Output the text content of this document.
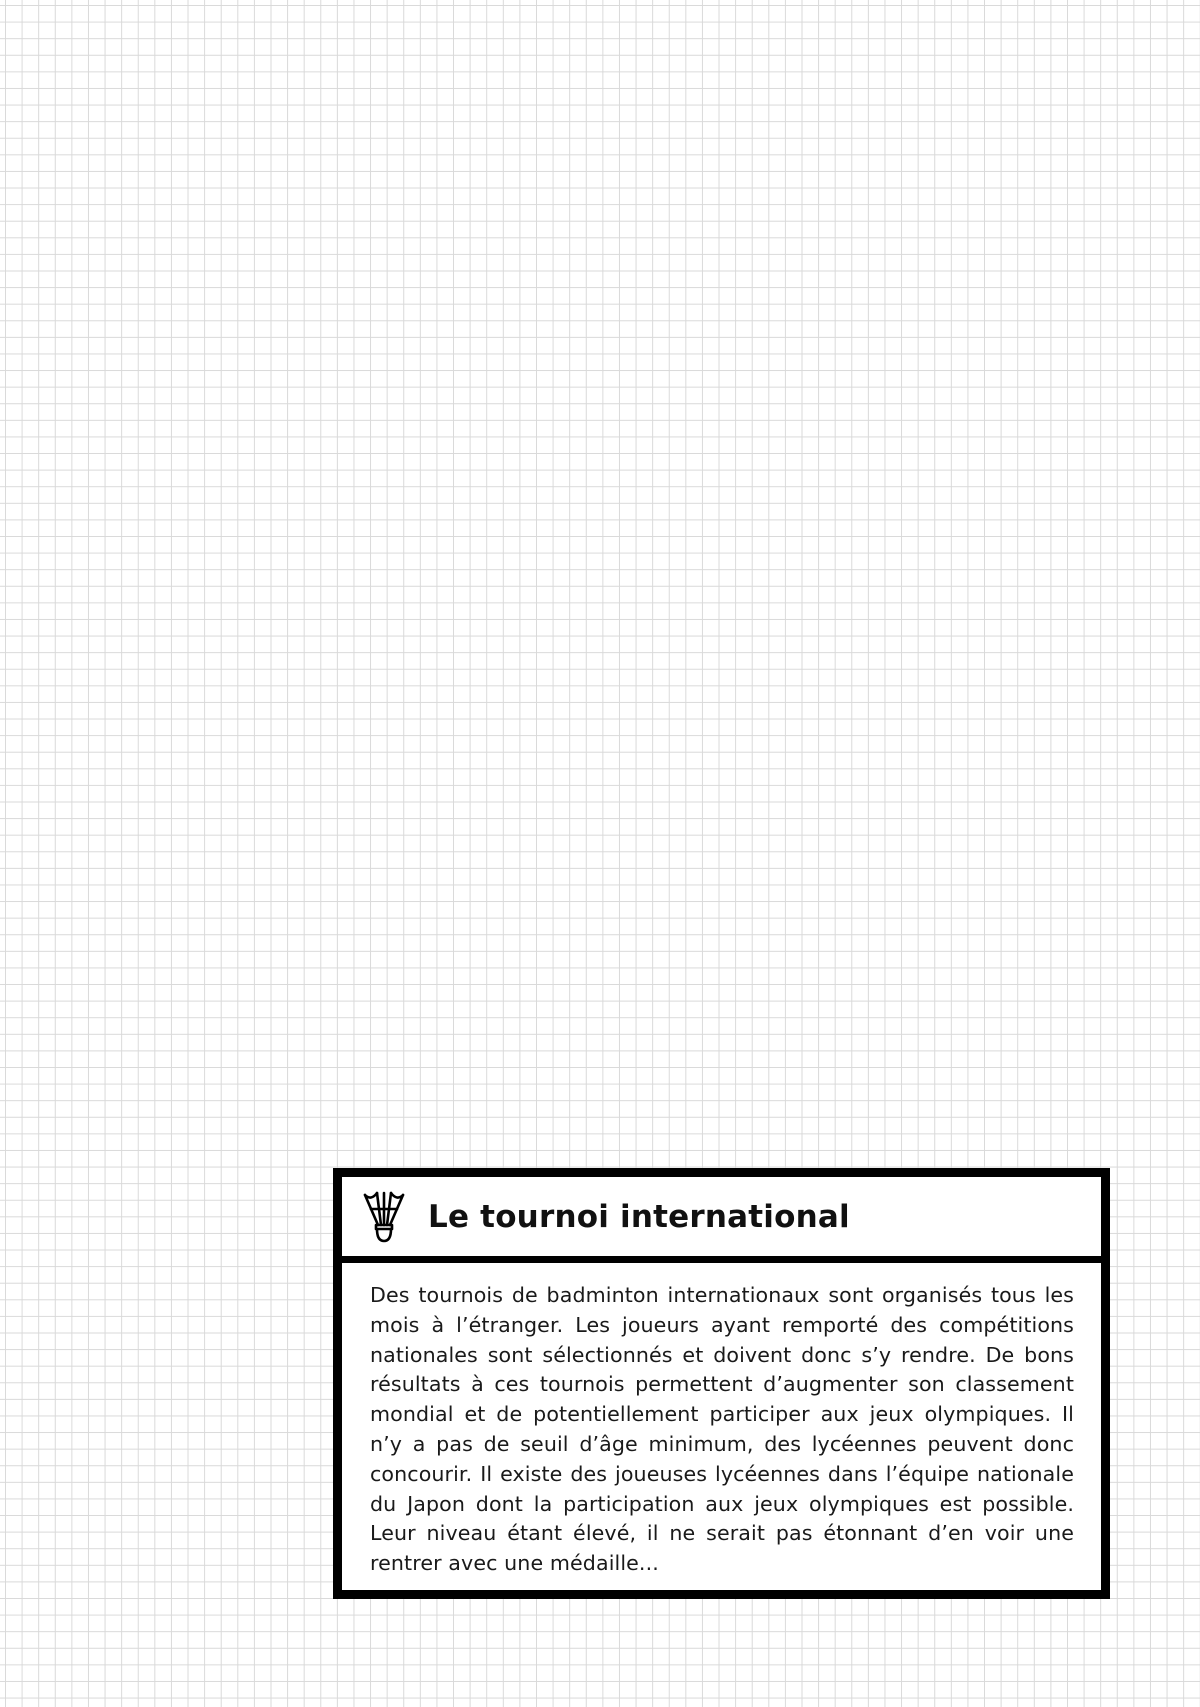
Le tournoi international

Des tournois de badminton internationaux sont organisés tous les mois à l’étranger. Les joueurs ayant remporté des compétitions nationales sont sélectionnés et doivent donc s’y rendre. De bons résultats à ces tournois permettent d’augmenter son classement mondial et de potentiellement participer aux jeux olympiques. Il n’y a pas de seuil d’âge minimum, des lycéennes peuvent donc concourir. Il existe des joueuses lycéennes dans l’équipe nationale du Japon dont la participation aux jeux olympiques est possible. Leur niveau étant élevé, il ne serait pas étonnant d’en voir une rentrer avec une médaille...
